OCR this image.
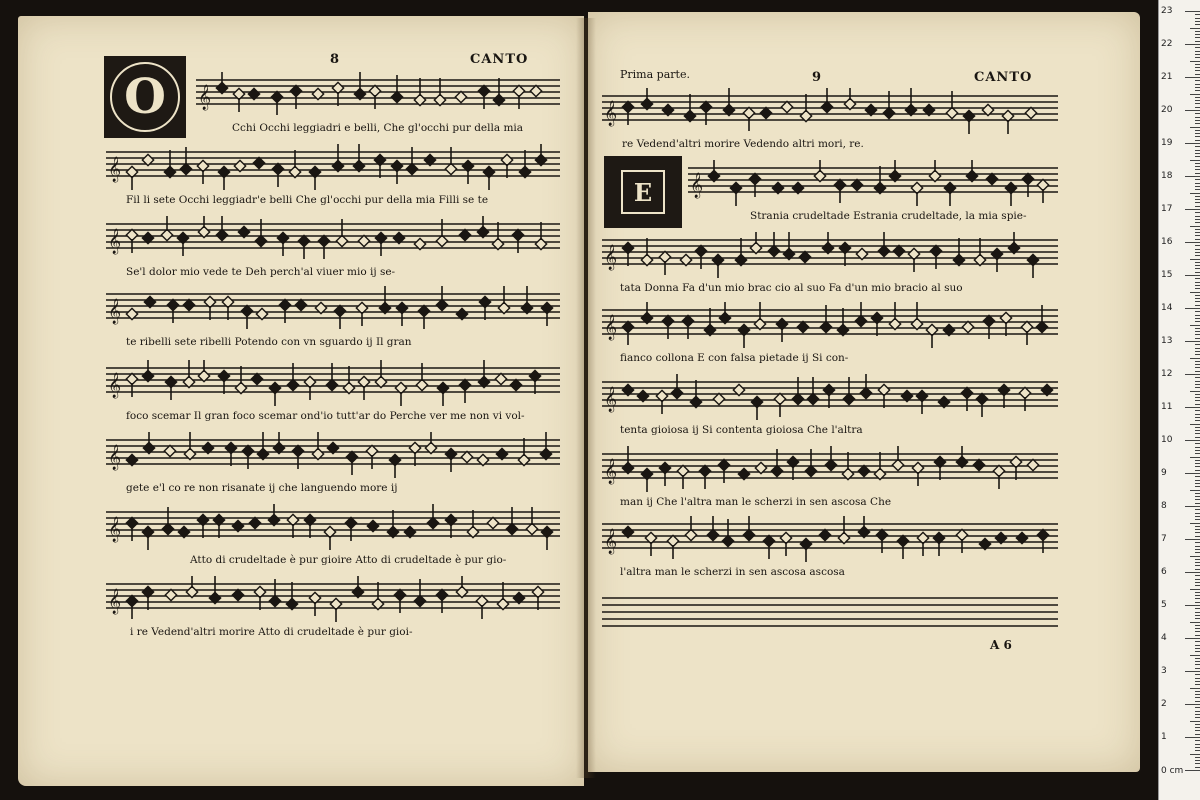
8	CANTO
O	𝄞
Cchi Occhi leggiadri e belli, Che gl'occhi pur della mia
𝄞
Fil li sete Occhi leggiadr'e belli Che gl'occhi pur della mia Filli se te
𝄞
Se'l dolor mio vede te Deh perch'al viuer mio ij se-
𝄞
te ribelli sete ribelli Potendo con vn sguardo ij Il gran
𝄞
foco scemar Il gran foco scemar ond'io tutt'ar do Perche ver me non vi vol-
𝄞
gete e'l co re non risanate ij che languendo more ij
𝄞
Atto di crudeltade è pur gioire Atto di crudeltade è pur gio-
𝄞
i re Vedend'altri morire Atto di crudeltade è pur gioi-
Prima parte.	9	CANTO
E
𝄞
re Vedend'altri morire Vedendo altri mori, re.
𝄞
Strania crudeltade Estrania crudeltade, la mia spie-
𝄞
tata Donna Fa d'un mio brac cio al suo Fa d'un mio bracio al suo
𝄞
fianco collona E con falsa pietade ij Si con-
𝄞
tenta gioiosa ij Si contenta gioiosa Che l'altra
𝄞
man ij Che l'altra man le scherzi in sen ascosa Che
𝄞
l'altra man le scherzi in sen ascosa ascosa
A 6
0 cm
1
2
3
4
5
6
7
8
9
10
11
12
13
14
15
16
17
18
19
20
21
22
23
